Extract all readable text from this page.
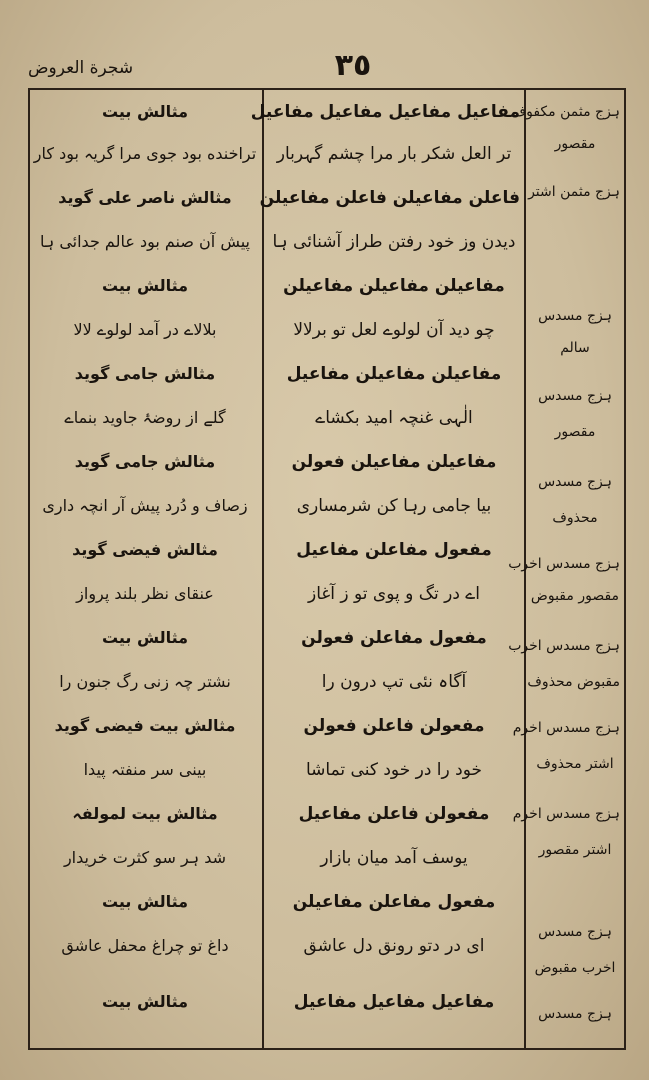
٣٥
شجرة العروض
ہزج مثمن مکفوف
مقصور
ہزج مثمن اشتر
ہزج مسدس
سالم
ہزج مسدس
مقصور
ہزج مسدس
محذوف
ہزج مسدس اخرب
مقصور مقبوض
ہزج مسدس اخرب
مقبوض محذوف
ہزج مسدس اخرم
اشتر محذوف
ہزج مسدس اخرم
اشتر مقصور
ہزج مسدس
اخرب مقبوض
ہزج مسدس
مفاعیل مفاعیل مفاعیل مفاعیل
تر العل شکر بار مرا چشم گہربار
فاعلن مفاعیلن فاعلن مفاعیلن
دیدن وز خود رفتن طراز آشنائی ہا
مفاعیلن مفاعیلن مفاعیلن
چو دید آن لولوے لعل تو برلالا
مفاعیلن مفاعیلن مفاعیل
الٰہی غنچہ امید بکشاے
مفاعیلن مفاعیلن فعولن
بیا جامی رہا کن شرمساری
مفعول مفاعلن مفاعیل
اے در تگ و پوی تو ز آغاز
مفعول مفاعلن فعولن
آگاہ نئی تپ درون را
مفعولن فاعلن فعولن
خود را در خود کنی تماشا
مفعولن فاعلن مفاعیل
یوسف آمد میان بازار
مفعول مفاعلن مفاعیلن
ای در دتو رونق دل عاشق
مفاعیل مفاعیل مفاعیل
مثالش بیت
تراخنده بود جوی مرا گریہ بود کار
مثالش ناصر علی گوید
پیش آن صنم بود عالم جدائی ہا
مثالش بیت
بلالاے در آمد لولوے لالا
مثالش جامی گوید
گلے از روضۂ جاوید بنماے
مثالش جامی گوید
زصاف و دُرد پیش آر انچہ داری
مثالش فیضی گوید
عنقای نظر بلند پرواز
مثالش بیت
نشتر چہ زنی رگ جنون را
مثالش بیت فیضی گوید
بینی سر منفتہ پیدا
مثالش بیت لمولفہ
شد ہر سو کثرت خریدار
مثالش بیت
داغ تو چراغ محفل عاشق
مثالش بیت
